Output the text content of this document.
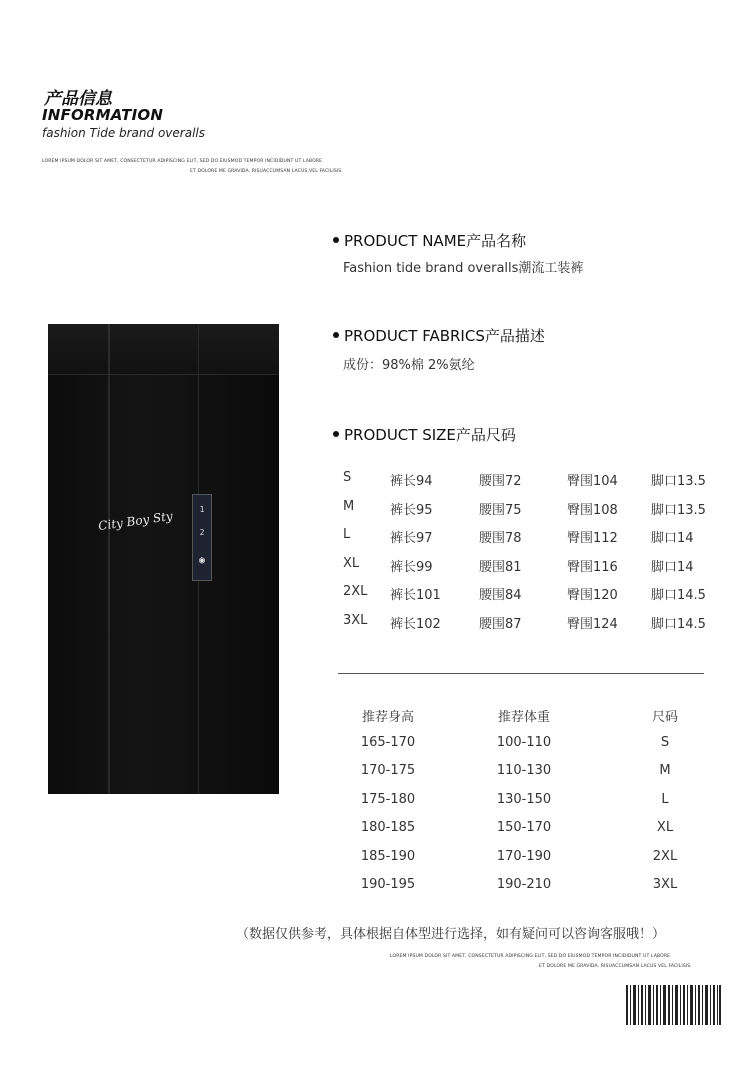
产品信息
INFORMATION
fashion Tide brand overalls
LOREM IPSUM DOLOR SIT AMET, CONSECTETUR ADIPISCING ELIT, SED DO EIUSMOD TEMPOR INCIDIDUNT UT LABORE
ET DOLORE ME GRAVIDA. RISUACCUMSAN LACUS VEL FACILISIS.
PRODUCT NAME产品名称
Fashion tide brand overalls潮流工装裤
PRODUCT FABRICS产品描述
成份：98%棉 2%氨纶
PRODUCT SIZE产品尺码
City Boy Sty	1
2
◉
S	裤长94	腰围72	臀围104	脚口13.5
M	裤长95	腰围75	臀围108	脚口13.5
L	裤长97	腰围78	臀围112	脚口14
XL 裤长99	腰围81	臀围116	脚口14
2XL 裤长101	腰围84	臀围120	脚口14.5
3XL 裤长102	腰围87	臀围124	脚口14.5
推荐身高	推荐体重	尺码
165-170	100-110	S
170-175	110-130	M
175-180	130-150	L
180-185	150-170	XL
185-190	170-190	2XL
190-195	190-210	3XL
（数据仅供参考，具体根据自体型进行选择，如有疑问可以咨询客服哦！）
LOREM IPSUM DOLOR SIT AMET, CONSECTETUR ADIPISCING ELIT, SED DO EIUSMOD TEMPOR INCIDIDUNT UT LABORE
ET DOLORE ME GRAVIDA. RISUACCUMSAN LACUS VEL FACILISIS.
